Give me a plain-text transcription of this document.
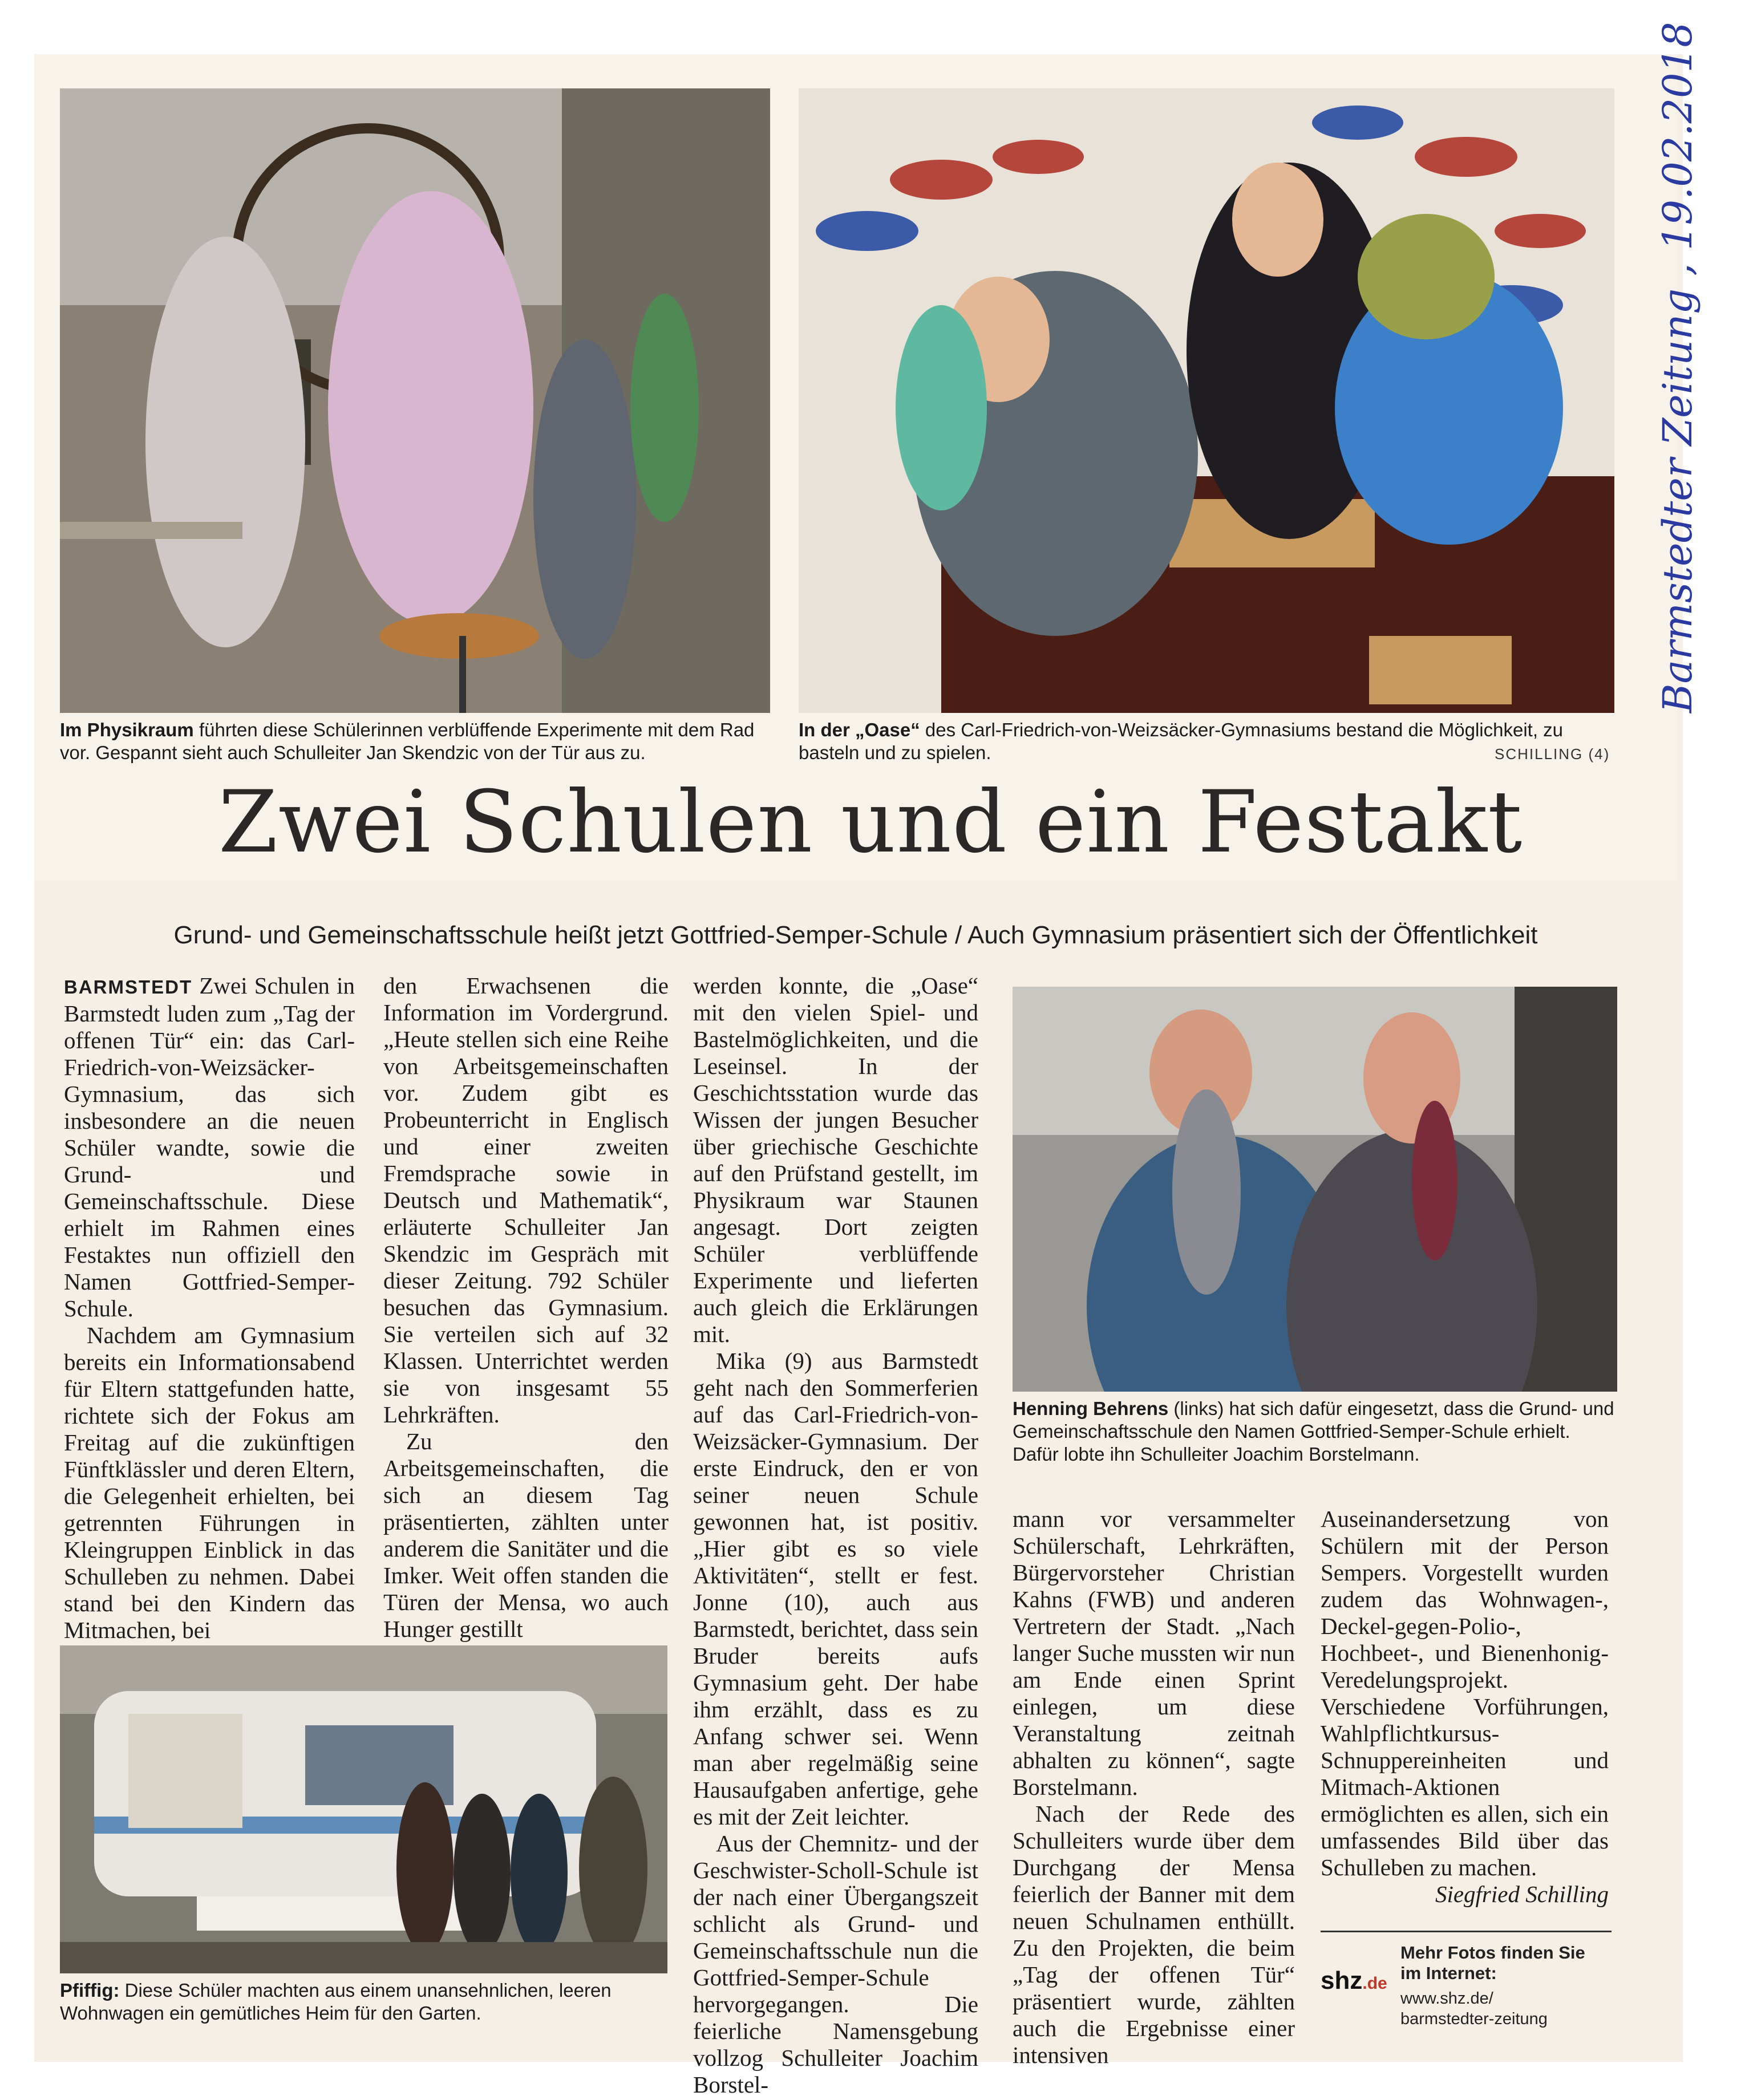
Im Physikraum führten diese Schülerinnen verblüffende Experimente mit dem Rad vor. Gespannt sieht auch Schulleiter Jan Skendzic von der Tür aus zu.
In der „Oase“ des Carl-Friedrich-von-Weizsäcker-Gymnasiums bestand die Möglichkeit, zu basteln und zu spielen.	SCHILLING (4)
Barmstedter Zeitung , 19.02.2018
Zwei Schulen und ein Festakt
Grund- und Gemeinschaftsschule heißt jetzt Gottfried-Semper-Schule / Auch Gymnasium präsentiert sich der Öffentlichkeit

BARMSTEDT Zwei Schulen in Barmstedt luden zum „Tag der offenen Tür“ ein: das Carl-Friedrich-von-Weizsäcker-Gymnasium, das sich insbesondere an die neuen Schüler wandte, sowie die Grund- und Gemeinschaftsschule. Diese erhielt im Rahmen eines Festaktes nun offiziell den Namen Gottfried-Semper-Schule.

Nachdem am Gymnasium bereits ein Informationsabend für Eltern stattgefunden hatte, richtete sich der Fokus am Freitag auf die zukünftigen Fünftklässler und deren Eltern, die Gelegenheit erhielten, bei getrennten Führungen in Kleingruppen Einblick in das Schulleben zu nehmen. Dabei stand bei den Kindern das Mitmachen, bei

den Erwachsenen die Information im Vordergrund. „Heute stellen sich eine Reihe von Arbeitsgemeinschaften vor. Zudem gibt es Probeunterricht in Englisch und einer zweiten Fremdsprache sowie in Deutsch und Mathematik“, erläuterte Schulleiter Jan Skendzic im Gespräch mit dieser Zeitung. 792 Schüler besuchen das Gymnasium. Sie verteilen sich auf 32 Klassen. Unterrichtet werden sie von insgesamt 55 Lehrkräften.

Zu den Arbeitsgemeinschaften, die sich an diesem Tag präsentierten, zählten unter anderem die Sanitäter und die Imker. Weit offen standen die Türen der Mensa, wo auch Hunger gestillt

werden konnte, die „Oase“ mit den vielen Spiel- und Bastelmöglichkeiten, und die Leseinsel. In der Geschichtsstation wurde das Wissen der jungen Besucher über griechische Geschichte auf den Prüfstand gestellt, im Physikraum war Staunen angesagt. Dort zeigten Schüler verblüffende Experimente und lieferten auch gleich die Erklärungen mit.

Mika (9) aus Barmstedt geht nach den Sommerferien auf das Carl-Friedrich-von-Weizsäcker-Gymnasium. Der erste Eindruck, den er von seiner neuen Schule gewonnen hat, ist positiv. „Hier gibt es so viele Aktivitäten“, stellt er fest. Jonne (10), auch aus Barmstedt, berichtet, dass sein Bruder bereits aufs Gymnasium geht. Der habe ihm erzählt, dass es zu Anfang schwer sei. Wenn man aber regelmäßig seine Hausaufgaben anfertige, gehe es mit der Zeit leichter.

Aus der Chemnitz- und der Geschwister-Scholl-Schule ist der nach einer Übergangszeit schlicht als Grund- und Gemeinschaftsschule nun die Gottfried-Semper-Schule hervorgegangen. Die feierliche Namensgebung vollzog Schulleiter Joachim Borstel-

Henning Behrens (links) hat sich dafür eingesetzt, dass die Grund- und Gemeinschaftsschule den Namen Gottfried-Semper-Schule erhielt. Dafür lobte ihn Schulleiter Joachim Borstelmann.

mann vor versammelter Schülerschaft, Lehrkräften, Bürgervorsteher Christian Kahns (FWB) und anderen Vertretern der Stadt. „Nach langer Suche mussten wir nun am Ende einen Sprint einlegen, um diese Veranstaltung zeitnah abhalten zu können“, sagte Borstelmann.

Nach der Rede des Schulleiters wurde über dem Durchgang der Mensa feierlich der Banner mit dem neuen Schulnamen enthüllt. Zu den Projekten, die beim „Tag der offenen Tür“ präsentiert wurde, zählten auch die Ergebnisse einer intensiven

Auseinandersetzung von Schülern mit der Person Sempers. Vorgestellt wurden zudem das Wohnwagen-, Deckel-gegen-Polio-, Hochbeet-, und Bienenhonig-Veredelungsprojekt. Verschiedene Vorführungen, Wahlpflichtkursus-Schnuppereinheiten und Mitmach-Aktionen ermöglichten es allen, sich ein umfassendes Bild über das Schulleben zu machen.
Siegfried Schilling

shz.de
Mehr Fotos finden Sie im Internet:
www.shz.de/
barmstedter-zeitung
Pfiffig: Diese Schüler machten aus einem unansehnlichen, leeren Wohnwagen ein gemütliches Heim für den Garten.
